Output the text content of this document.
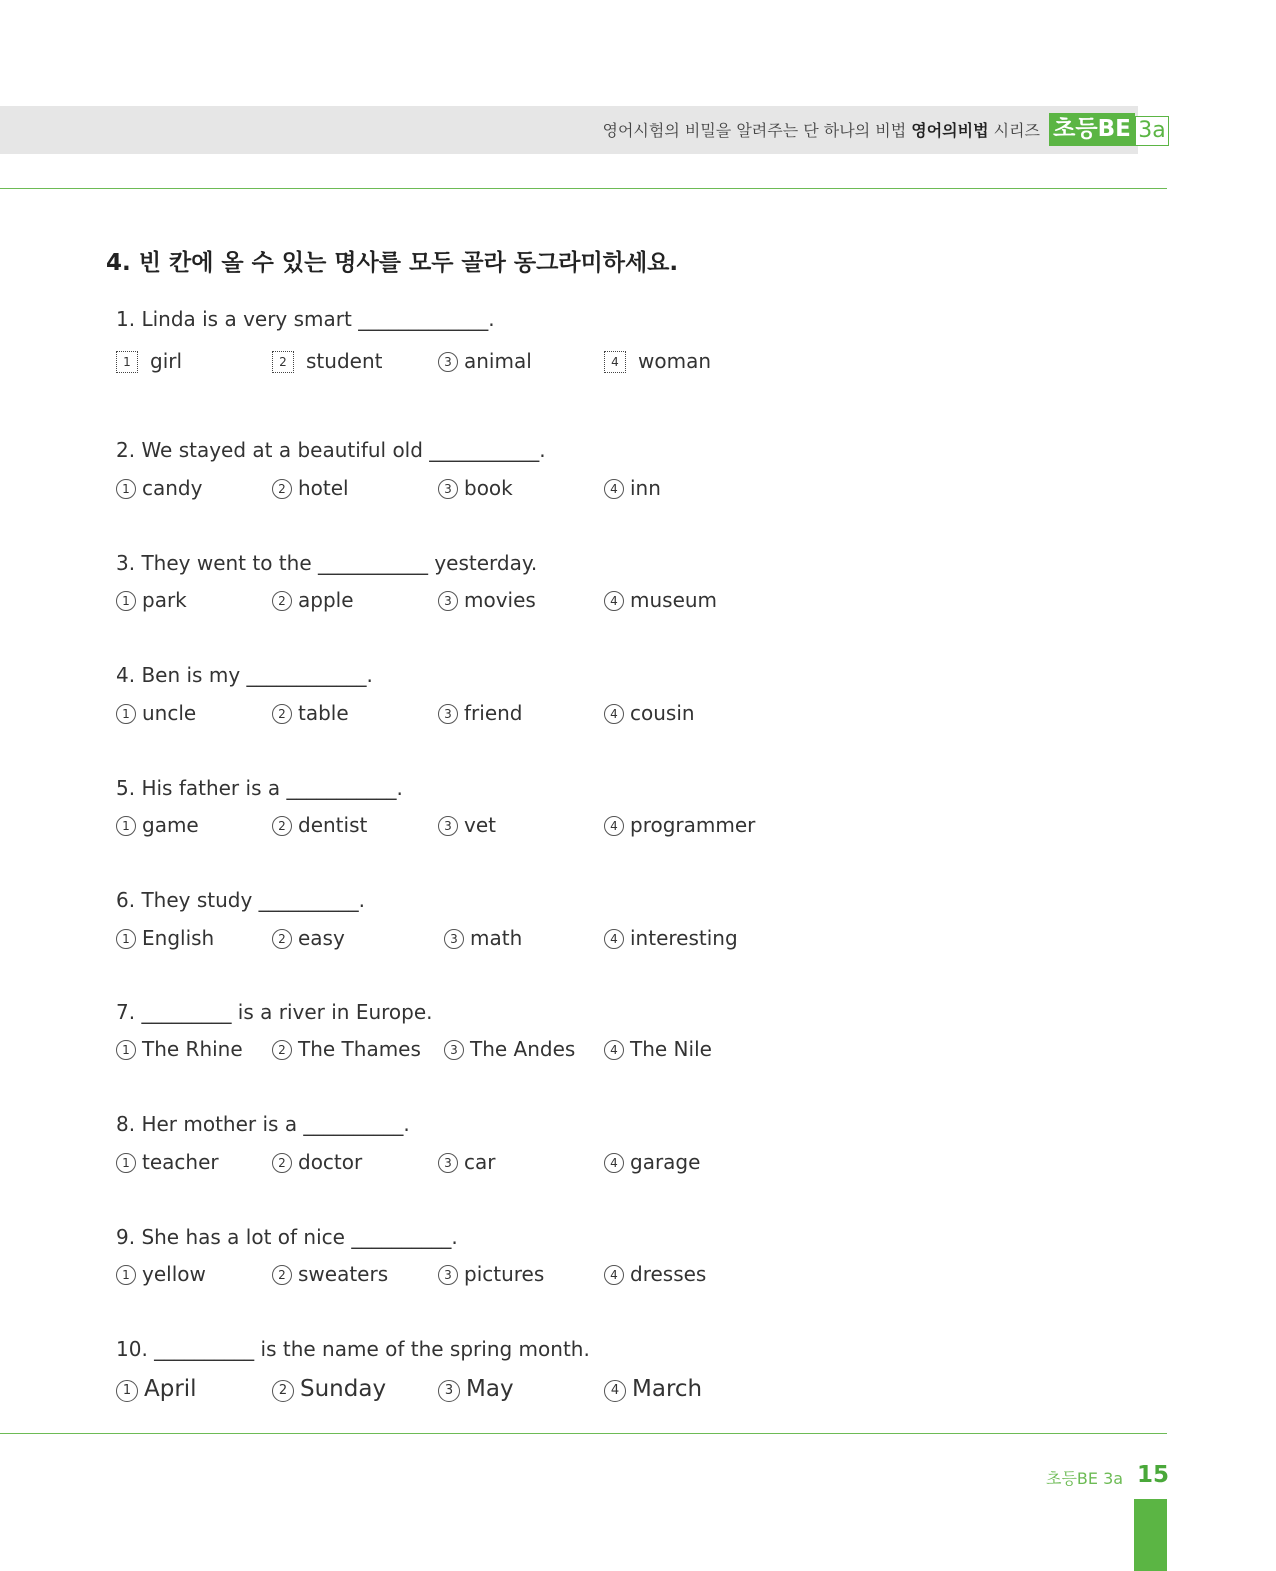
영어시험의 비밀을 알려주는 단 하나의 비법 영어의비법 시리즈 초등BE 3a
4. 빈 칸에 올 수 있는 명사를 모두 골라 동그라미하세요.
1. Linda is a very smart _____________.
1 girl	2 student	3 animal	4 woman
2. We stayed at a beautiful old ___________.
1 candy	2 hotel	3 book	4 inn
3. They went to the ___________ yesterday.
1 park	2 apple	3 movies	4 museum
4. Ben is my ____________.
1 uncle	2 table	3 friend	4 cousin
5. His father is a ___________.
1 game	2 dentist	3 vet	4 programmer
6. They study __________.
1 English	2 easy	3 math	4 interesting
7. _________ is a river in Europe.
1 The Rhine	2 The Thames	3 The Andes	4 The Nile
8. Her mother is a __________.
1 teacher	2 doctor	3 car	4 garage
9. She has a lot of nice __________.
1 yellow	2 sweaters	3 pictures	4 dresses
10. __________ is the name of the spring month.
1 April	2 Sunday	3 May	4 March
초등BE 3a 15
